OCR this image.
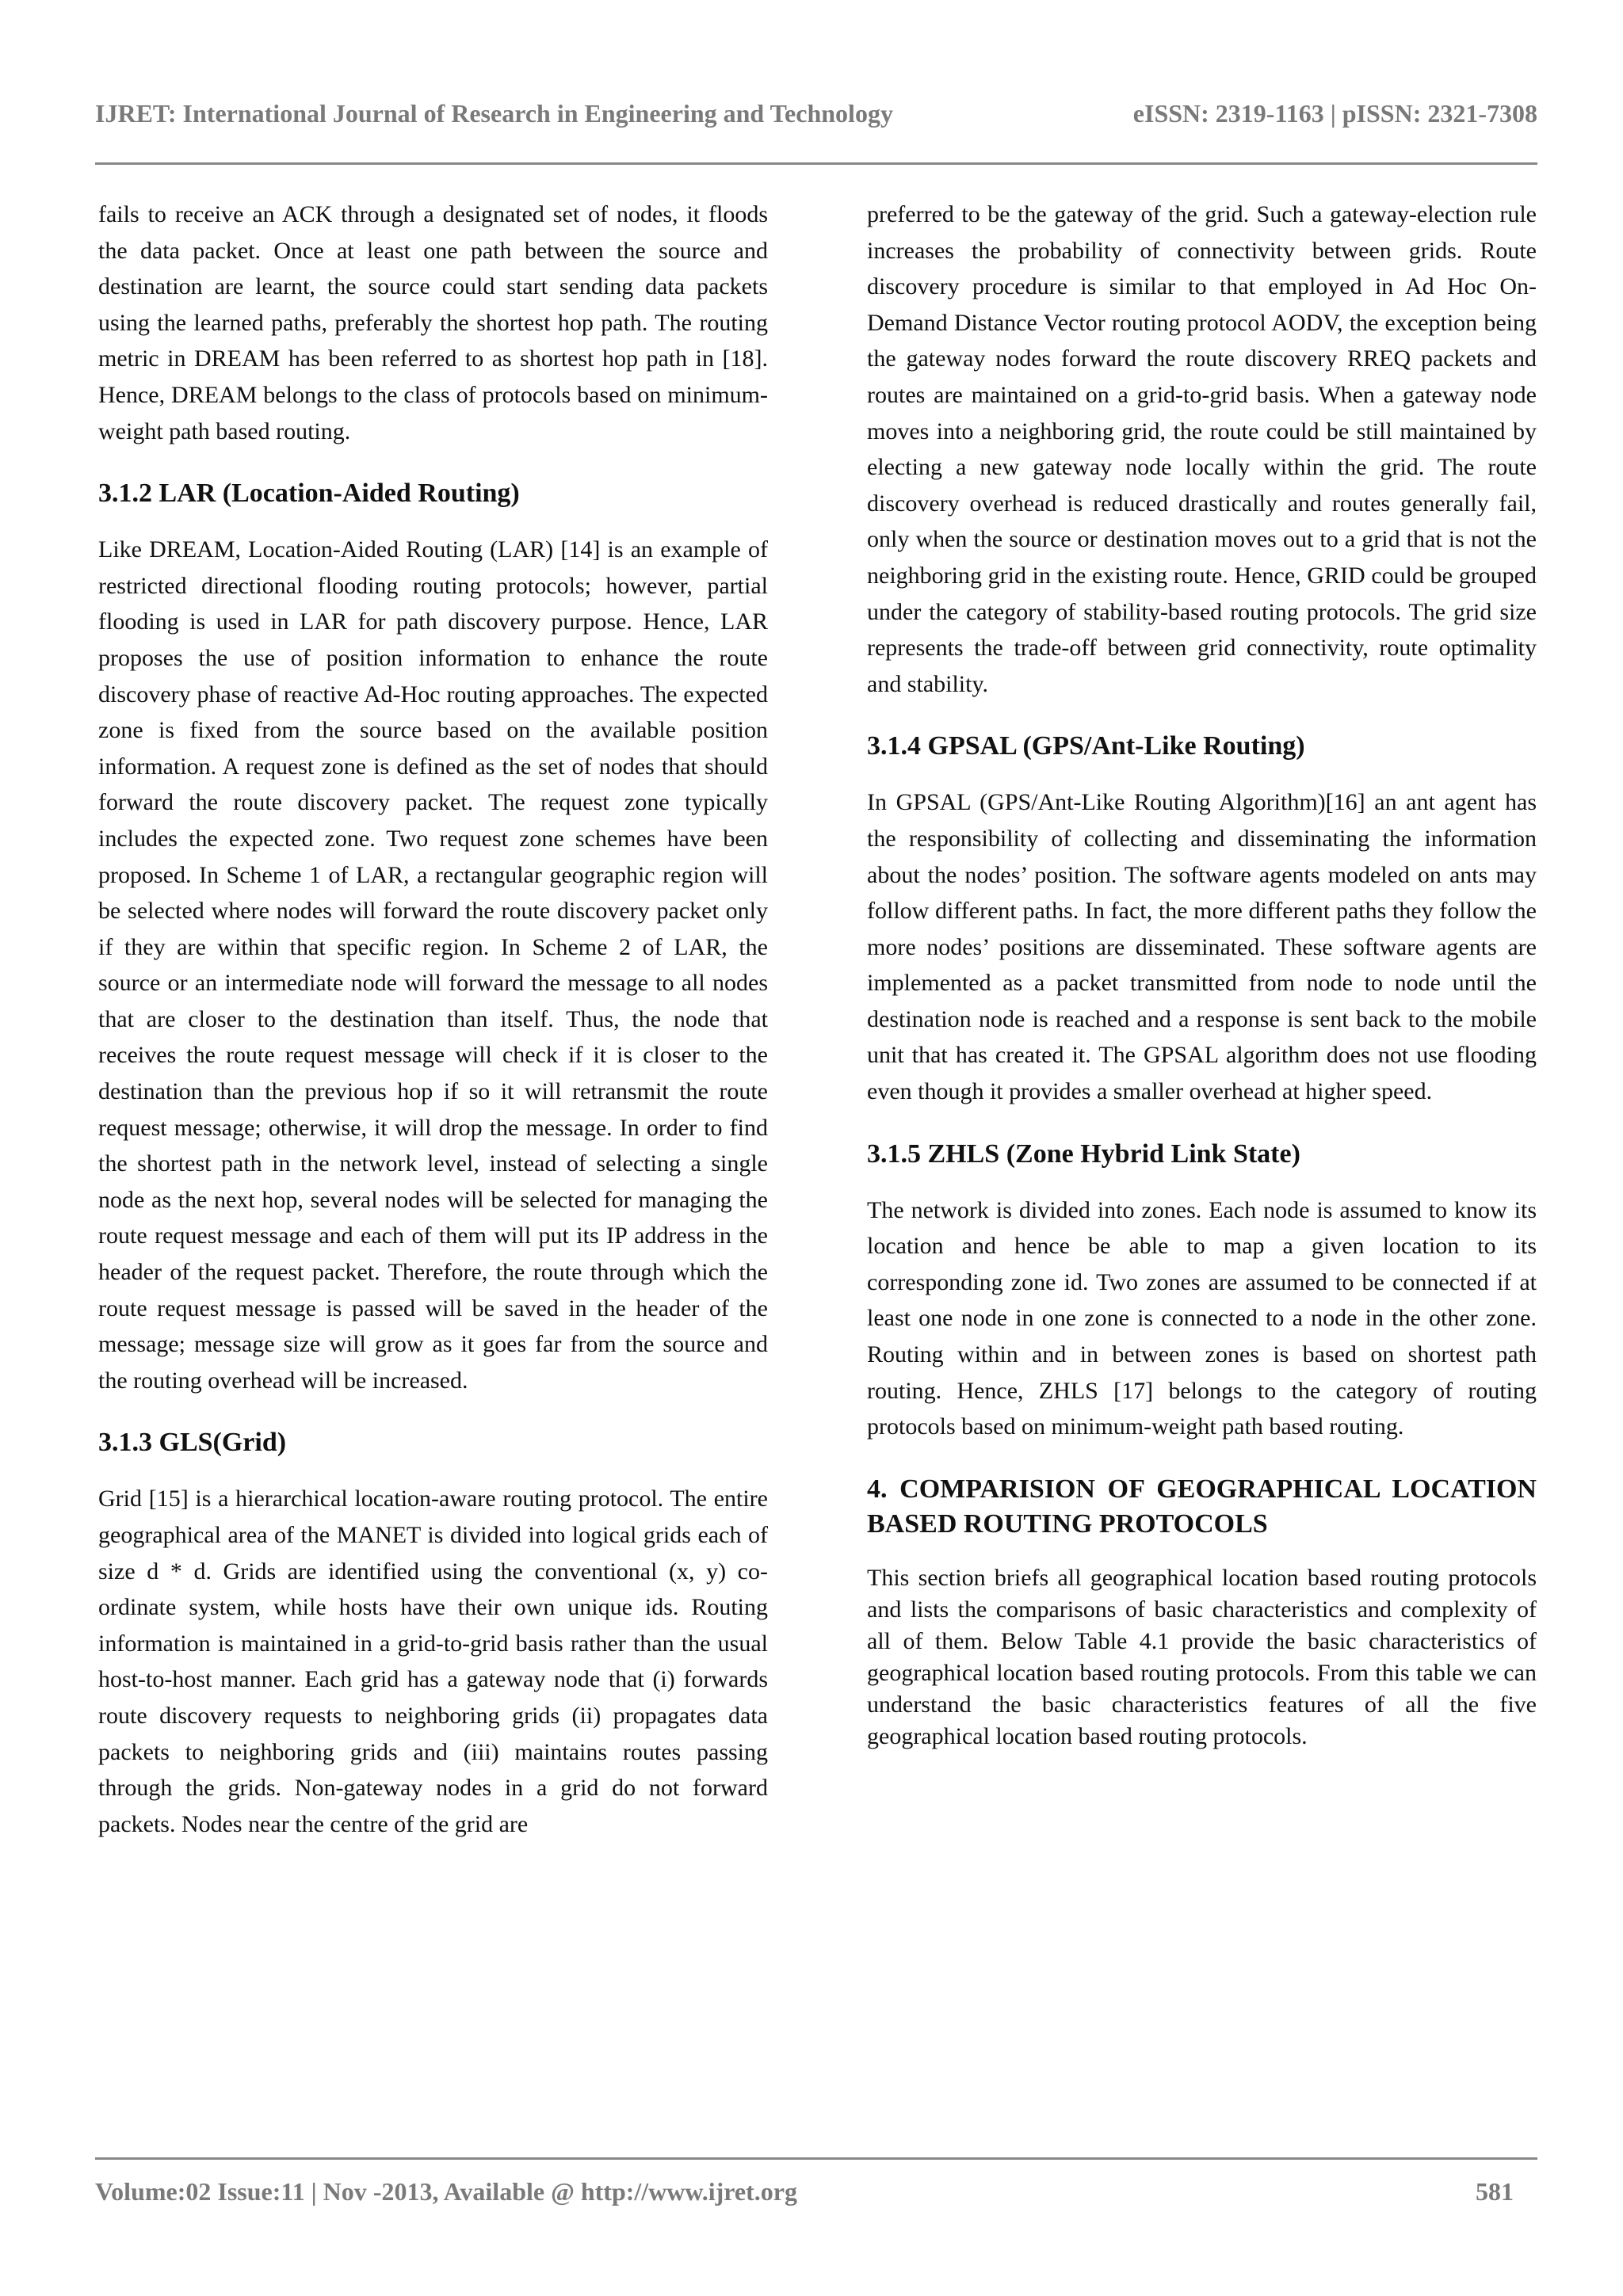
IJRET: International Journal of Research in Engineering and Technology	eISSN: 2319-1163 | pISSN: 2321-7308

fails to receive an ACK through a designated set of nodes, it floods the data packet. Once at least one path between the source and destination are learnt, the source could start sending data packets using the learned paths, preferably the shortest hop path. The routing metric in DREAM has been referred to as shortest hop path in [18]. Hence, DREAM belongs to the class of protocols based on minimum-weight path based routing.

3.1.2 LAR (Location-Aided Routing)

Like DREAM, Location-Aided Routing (LAR) [14] is an example of restricted directional flooding routing protocols; however, partial flooding is used in LAR for path discovery purpose. Hence, LAR proposes the use of position information to enhance the route discovery phase of reactive Ad-Hoc routing approaches. The expected zone is fixed from the source based on the available position information. A request zone is defined as the set of nodes that should forward the route discovery packet. The request zone typically includes the expected zone. Two request zone schemes have been proposed. In Scheme 1 of LAR, a rectangular geographic region will be selected where nodes will forward the route discovery packet only if they are within that specific region. In Scheme 2 of LAR, the source or an intermediate node will forward the message to all nodes that are closer to the destination than itself. Thus, the node that receives the route request message will check if it is closer to the destination than the previous hop if so it will retransmit the route request message; otherwise, it will drop the message. In order to find the shortest path in the network level, instead of selecting a single node as the next hop, several nodes will be selected for managing the route request message and each of them will put its IP address in the header of the request packet. Therefore, the route through which the route request message is passed will be saved in the header of the message; message size will grow as it goes far from the source and the routing overhead will be increased.

3.1.3 GLS(Grid)

Grid [15] is a hierarchical location-aware routing protocol. The entire geographical area of the MANET is divided into logical grids each of size d * d. Grids are identified using the conventional (x, y) co-ordinate system, while hosts have their own unique ids. Routing information is maintained in a grid-to-grid basis rather than the usual host-to-host manner. Each grid has a gateway node that (i) forwards route discovery requests to neighboring grids (ii) propagates data packets to neighboring grids and (iii) maintains routes passing through the grids. Non-gateway nodes in a grid do not forward packets. Nodes near the centre of the grid are

preferred to be the gateway of the grid. Such a gateway-election rule increases the probability of connectivity between grids. Route discovery procedure is similar to that employed in Ad Hoc On-Demand Distance Vector routing protocol AODV, the exception being the gateway nodes forward the route discovery RREQ packets and routes are maintained on a grid-to-grid basis. When a gateway node moves into a neighboring grid, the route could be still maintained by electing a new gateway node locally within the grid. The route discovery overhead is reduced drastically and routes generally fail, only when the source or destination moves out to a grid that is not the neighboring grid in the existing route. Hence, GRID could be grouped under the category of stability-based routing protocols. The grid size represents the trade-off between grid connectivity, route optimality and stability.

3.1.4 GPSAL (GPS/Ant-Like Routing)

In GPSAL (GPS/Ant-Like Routing Algorithm)[16] an ant agent has the responsibility of collecting and disseminating the information about the nodes’ position. The software agents modeled on ants may follow different paths. In fact, the more different paths they follow the more nodes’ positions are disseminated. These software agents are implemented as a packet transmitted from node to node until the destination node is reached and a response is sent back to the mobile unit that has created it. The GPSAL algorithm does not use flooding even though it provides a smaller overhead at higher speed.

3.1.5 ZHLS (Zone Hybrid Link State)

The network is divided into zones. Each node is assumed to know its location and hence be able to map a given location to its corresponding zone id. Two zones are assumed to be connected if at least one node in one zone is connected to a node in the other zone. Routing within and in between zones is based on shortest path routing. Hence, ZHLS [17] belongs to the category of routing protocols based on minimum-weight path based routing.

4. COMPARISION OF GEOGRAPHICAL LOCATION BASED ROUTING PROTOCOLS

This section briefs all geographical location based routing protocols and lists the comparisons of basic characteristics and complexity of all of them. Below Table 4.1 provide the basic characteristics of geographical location based routing protocols. From this table we can understand the basic characteristics features of all the five geographical location based routing protocols.

Volume:02 Issue:11 | Nov -2013, Available @ http://www.ijret.org	581
